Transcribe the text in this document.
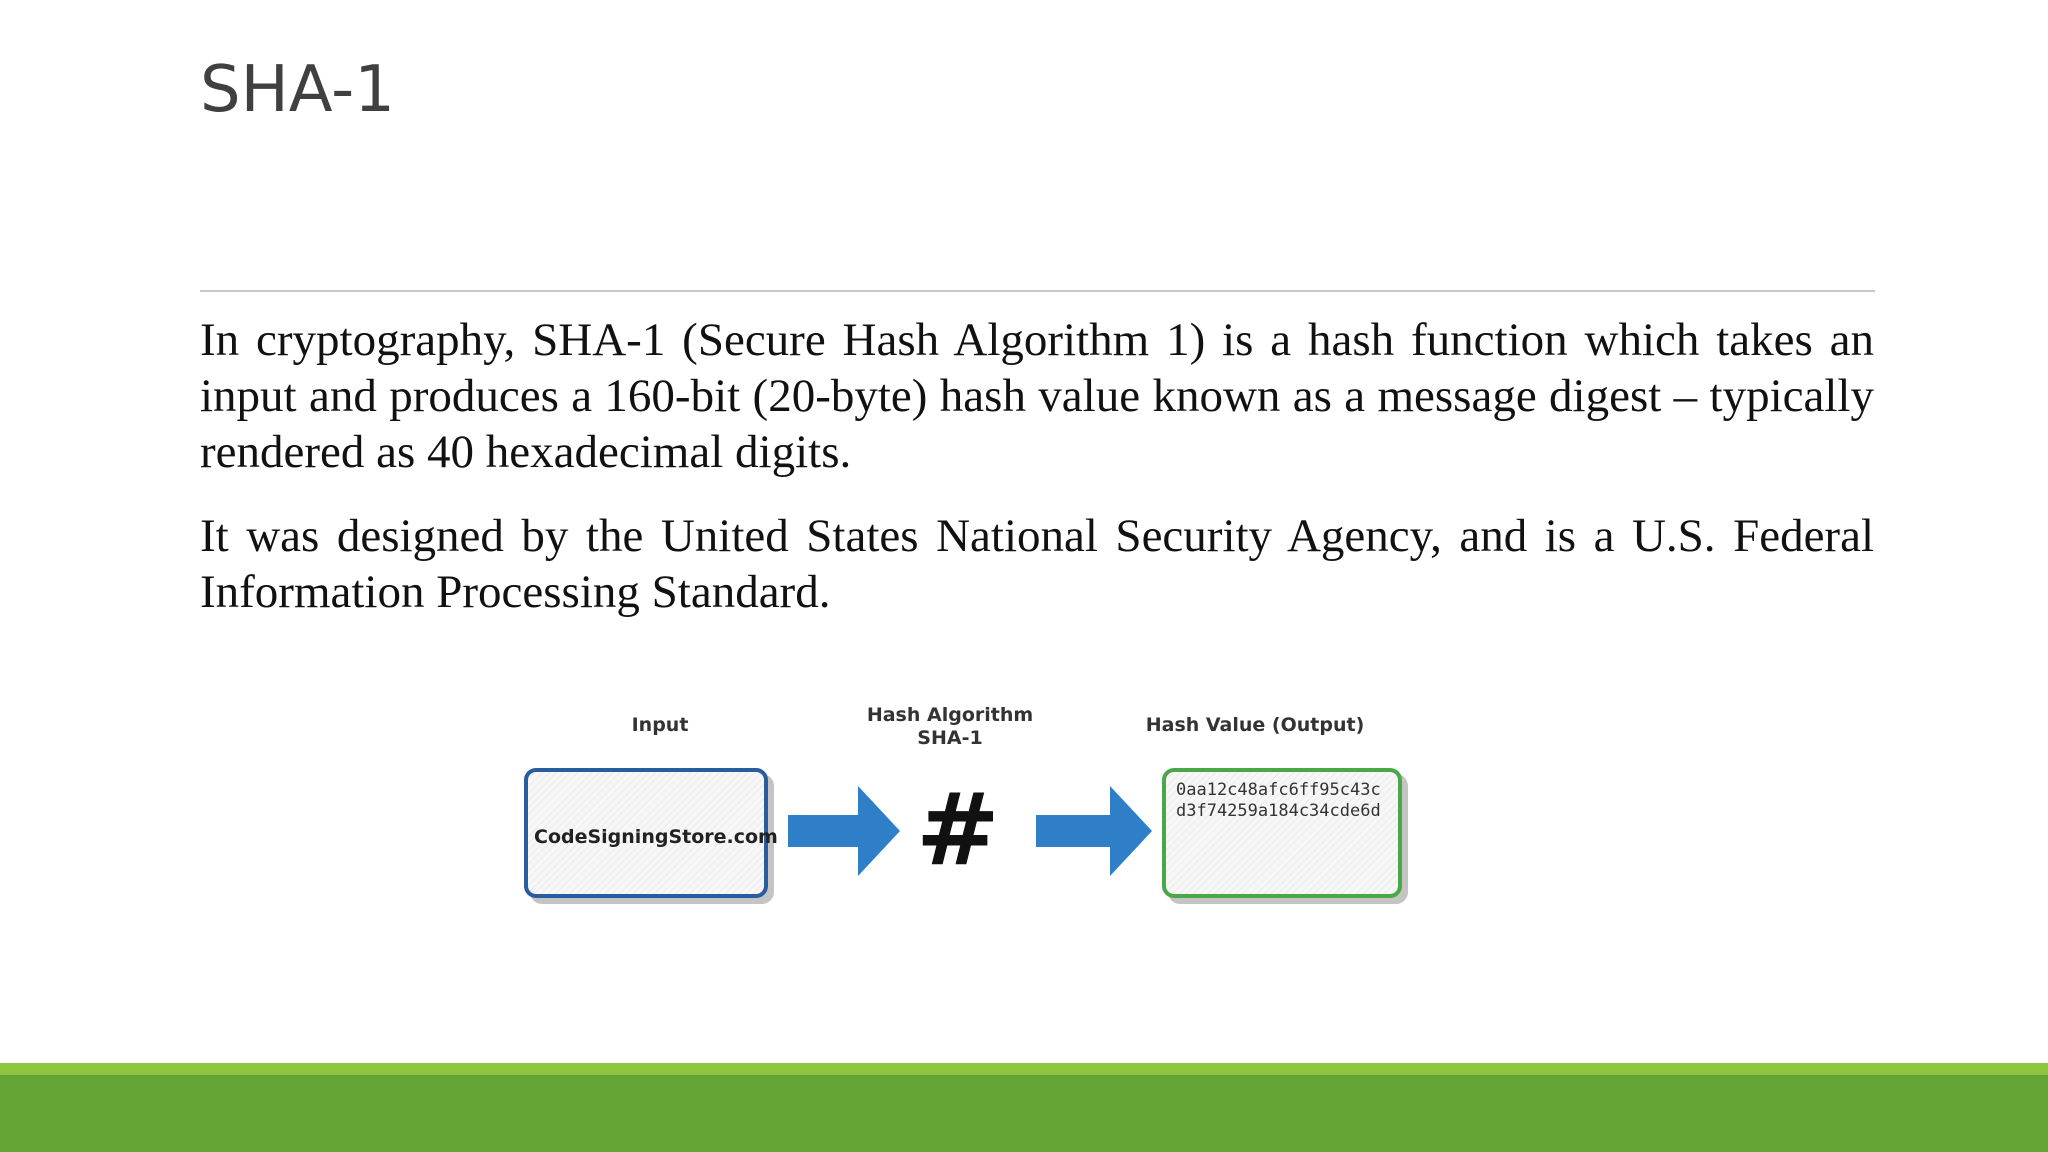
SHA-1

In cryptography, SHA-1 (Secure Hash Algorithm 1) is a hash function which takes an input and produces a 160-bit (20-byte) hash value known as a message digest – typically rendered as 40 hexadecimal digits.

It was designed by the United States National Security Agency, and is a U.S. Federal Information Processing Standard.

Input	Hash Algorithm
SHA-1
Hash Value (Output)
CodeSigningStore.com #	0aa12c48afc6ff95c43cd3f74259a184c34cde6d
